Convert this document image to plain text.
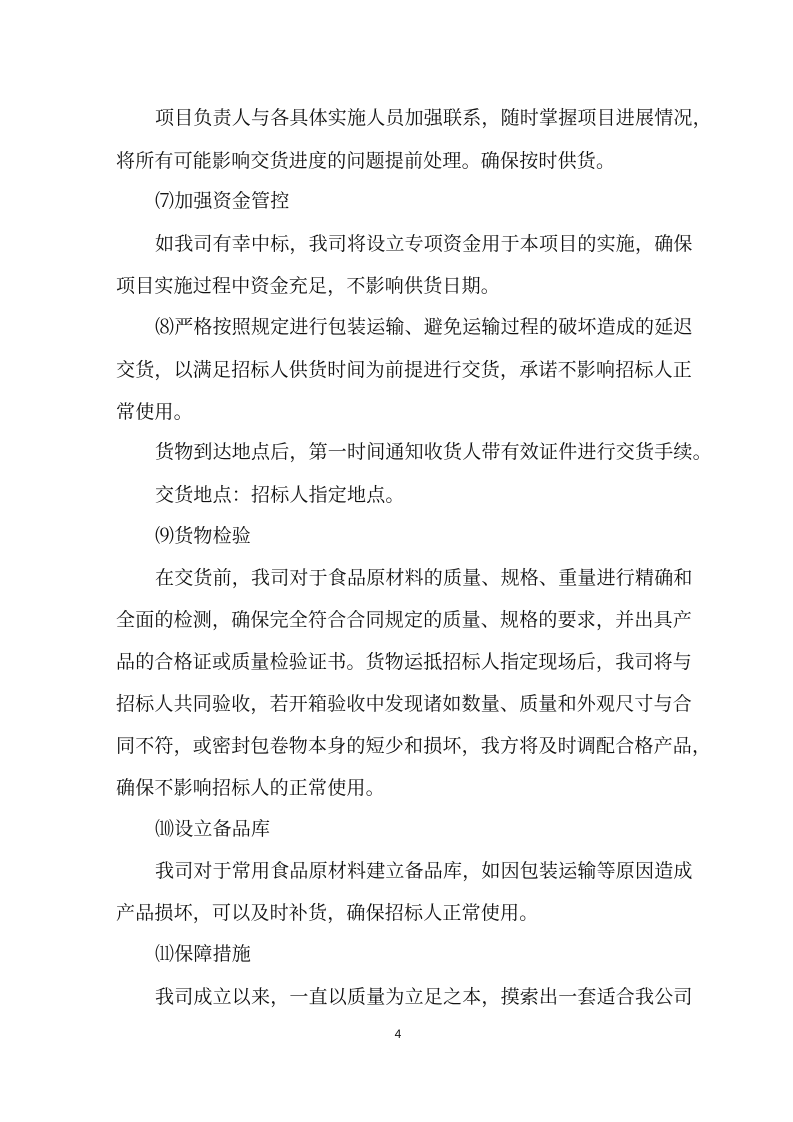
项目负责人与各具体实施人员加强联系，随时掌握项目进展情况，
将所有可能影响交货进度的问题提前处理。确保按时供货。
⑺加强资金管控
如我司有幸中标，我司将设立专项资金用于本项目的实施，确保
项目实施过程中资金充足，不影响供货日期。
⑻严格按照规定进行包装运输、避免运输过程的破坏造成的延迟
交货，以满足招标人供货时间为前提进行交货，承诺不影响招标人正
常使用。
货物到达地点后，第一时间通知收货人带有效证件进行交货手续。
交货地点：招标人指定地点。
⑼货物检验
在交货前，我司对于食品原材料的质量、规格、重量进行精确和
全面的检测，确保完全符合合同规定的质量、规格的要求，并出具产
品的合格证或质量检验证书。货物运抵招标人指定现场后，我司将与
招标人共同验收，若开箱验收中发现诸如数量、质量和外观尺寸与合
同不符，或密封包卷物本身的短少和损坏，我方将及时调配合格产品，
确保不影响招标人的正常使用。
⑽设立备品库
我司对于常用食品原材料建立备品库，如因包装运输等原因造成
产品损坏，可以及时补货，确保招标人正常使用。
⑾保障措施
我司成立以来，一直以质量为立足之本，摸索出一套适合我公司
4
